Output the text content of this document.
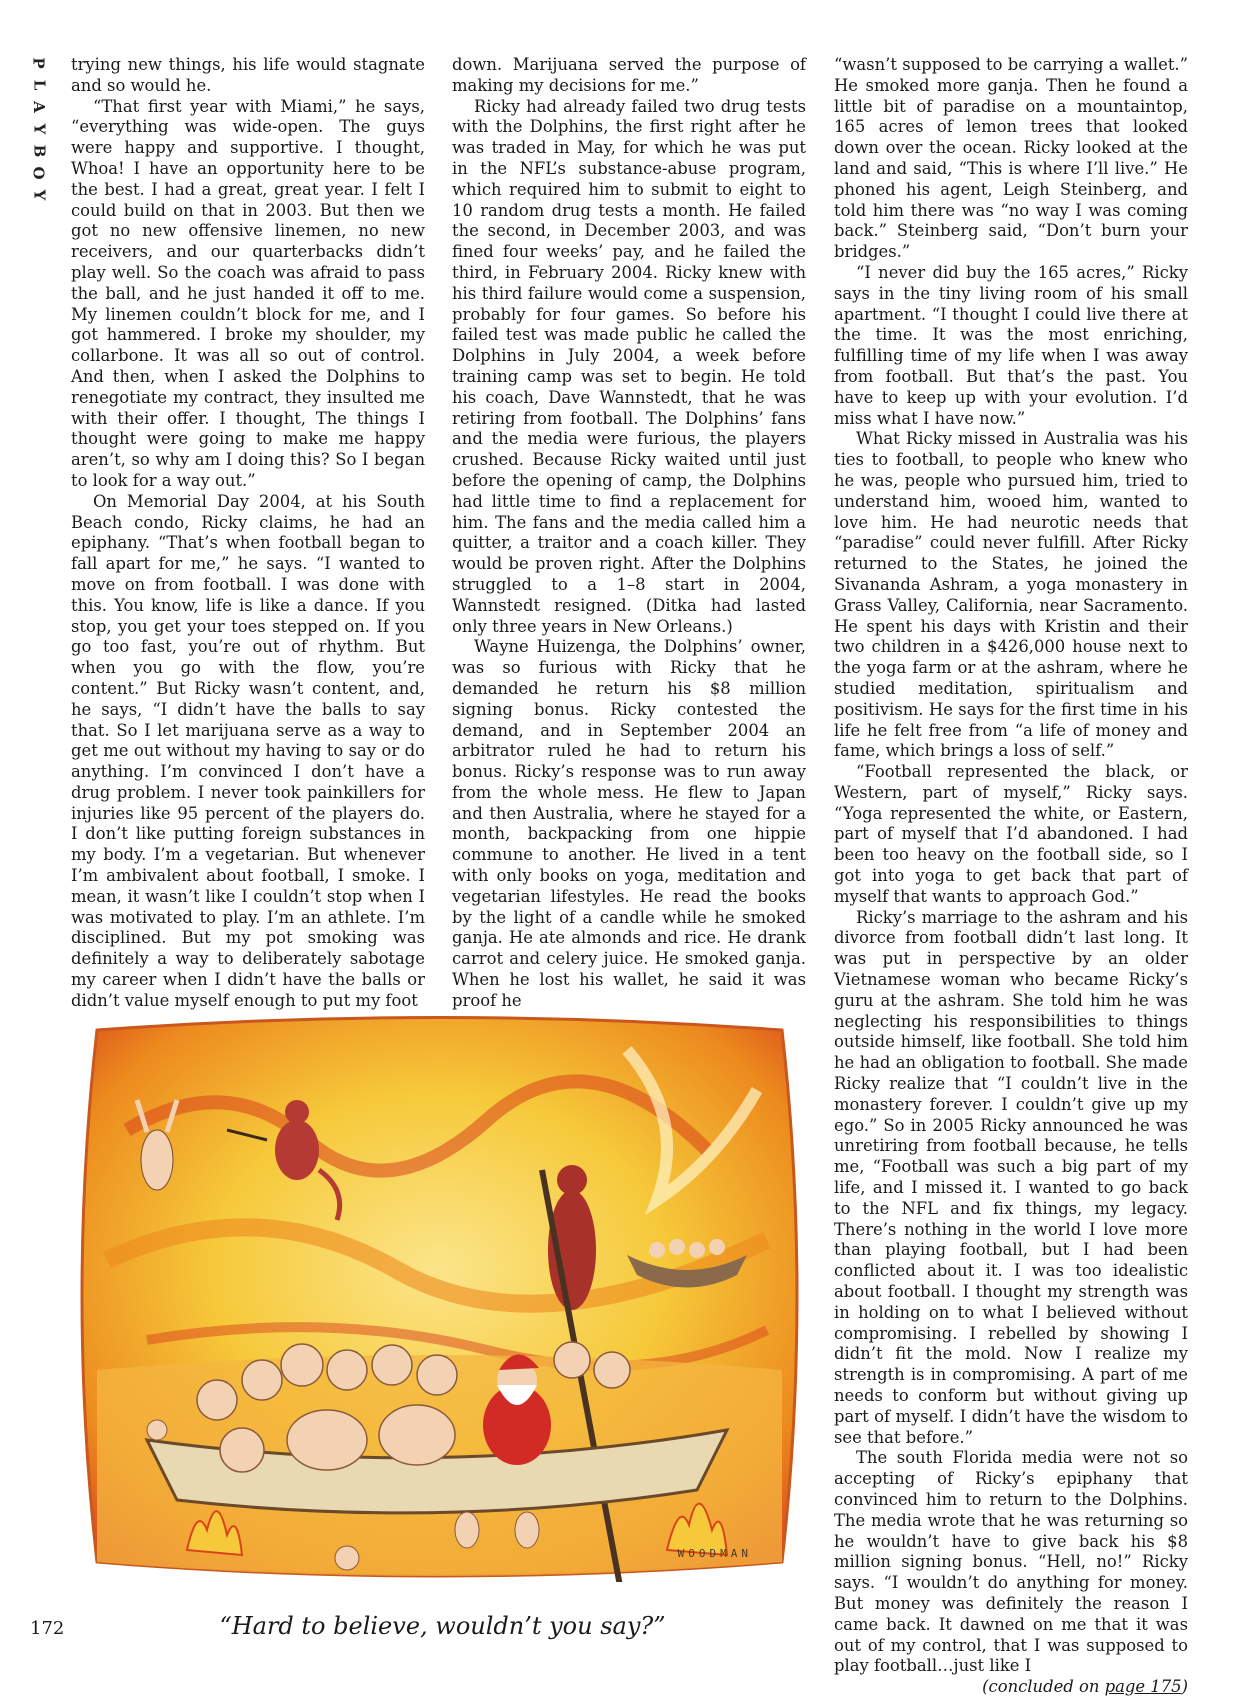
P
L
A
Y
B
O
Y

trying new things, his life would stagnate and so would he.

“That first year with Miami,” he says, “everything was wide-open. The guys were happy and supportive. I thought, Whoa! I have an opportunity here to be the best. I had a great, great year. I felt I could build on that in 2003. But then we got no new offensive linemen, no new receivers, and our quarterbacks didn’t play well. So the coach was afraid to pass the ball, and he just handed it off to me. My linemen couldn’t block for me, and I got hammered. I broke my shoulder, my collarbone. It was all so out of control. And then, when I asked the Dolphins to renegotiate my contract, they insulted me with their offer. I thought, The things I thought were going to make me happy aren’t, so why am I doing this? So I began to look for a way out.”

On Memorial Day 2004, at his South Beach condo, Ricky claims, he had an epiphany. “That’s when football began to fall apart for me,” he says. “I wanted to move on from football. I was done with this. You know, life is like a dance. If you stop, you get your toes stepped on. If you go too fast, you’re out of rhythm. But when you go with the flow, you’re content.” But Ricky wasn’t content, and, he says, “I didn’t have the balls to say that. So I let marijuana serve as a way to get me out without my having to say or do anything. I’m convinced I don’t have a drug problem. I never took painkillers for injuries like 95 percent of the players do. I don’t like putting foreign substances in my body. I’m a vegetarian. But whenever I’m ambivalent about football, I smoke. I mean, it wasn’t like I couldn’t stop when I was motivated to play. I’m an athlete. I’m disciplined. But my pot smoking was definitely a way to deliberately sabotage my career when I didn’t have the balls or didn’t value myself enough to put my foot

down. Marijuana served the purpose of making my decisions for me.”

Ricky had already failed two drug tests with the Dolphins, the first right after he was traded in May, for which he was put in the NFL’s substance-abuse program, which required him to submit to eight to 10 random drug tests a month. He failed the second, in December 2003, and was fined four weeks’ pay, and he failed the third, in February 2004. Ricky knew with his third failure would come a suspension, probably for four games. So before his failed test was made public he called the Dolphins in July 2004, a week before training camp was set to begin. He told his coach, Dave Wannstedt, that he was retiring from football. The Dolphins’ fans and the media were furious, the players crushed. Because Ricky waited until just before the opening of camp, the Dolphins had little time to find a replacement for him. The fans and the media called him a quitter, a traitor and a coach killer. They would be proven right. After the Dolphins struggled to a 1–8 start in 2004, Wannstedt resigned. (Ditka had lasted only three years in New Orleans.)

Wayne Huizenga, the Dolphins’ owner, was so furious with Ricky that he demanded he return his $8 million signing bonus. Ricky contested the demand, and in September 2004 an arbitrator ruled he had to return his bonus. Ricky’s response was to run away from the whole mess. He flew to Japan and then Australia, where he stayed for a month, backpacking from one hippie commune to another. He lived in a tent with only books on yoga, meditation and vegetarian lifestyles. He read the books by the light of a candle while he smoked ganja. He ate almonds and rice. He drank carrot and celery juice. He smoked ganja. When he lost his wallet, he said it was proof he

“wasn’t supposed to be carrying a wallet.” He smoked more ganja. Then he found a little bit of paradise on a mountaintop, 165 acres of lemon trees that looked down over the ocean. Ricky looked at the land and said, “This is where I’ll live.” He phoned his agent, Leigh Steinberg, and told him there was “no way I was coming back.” Steinberg said, “Don’t burn your bridges.”

“I never did buy the 165 acres,” Ricky says in the tiny living room of his small apartment. “I thought I could live there at the time. It was the most enriching, fulfilling time of my life when I was away from football. But that’s the past. You have to keep up with your evolution. I’d miss what I have now.”

What Ricky missed in Australia was his ties to football, to people who knew who he was, people who pursued him, tried to understand him, wooed him, wanted to love him. He had neurotic needs that “paradise” could never fulfill. After Ricky returned to the States, he joined the Sivananda Ashram, a yoga monastery in Grass Valley, California, near Sacramento. He spent his days with Kristin and their two children in a $426,000 house next to the yoga farm or at the ashram, where he studied meditation, spiritualism and positivism. He says for the first time in his life he felt free from “a life of money and fame, which brings a loss of self.”

“Football represented the black, or Western, part of myself,” Ricky says. “Yoga represented the white, or Eastern, part of myself that I’d abandoned. I had been too heavy on the football side, so I got into yoga to get back that part of myself that wants to approach God.”

Ricky’s marriage to the ashram and his divorce from football didn’t last long. It was put in perspective by an older Vietnamese woman who became Ricky’s guru at the ashram. She told him he was neglecting his responsibilities to things outside himself, like football. She told him he had an obligation to football. She made Ricky realize that “I couldn’t live in the monastery forever. I couldn’t give up my ego.” So in 2005 Ricky announced he was unretiring from football because, he tells me, “Football was such a big part of my life, and I missed it. I wanted to go back to the NFL and fix things, my legacy. There’s nothing in the world I love more than playing football, but I had been conflicted about it. I was too idealistic about football. I thought my strength was in holding on to what I believed without compromising. I rebelled by showing I didn’t fit the mold. Now I realize my strength is in compromising. A part of me needs to conform but without giving up part of myself. I didn’t have the wisdom to see that before.”

The south Florida media were not so accepting of Ricky’s epiphany that convinced him to return to the Dolphins. The media wrote that he was returning so he wouldn’t have to give back his $8 million signing bonus. “Hell, no!” Ricky says. “I wouldn’t do anything for money. But money was definitely the reason I came back. It dawned on me that it was out of my control, that I was supposed to play football…just like I

(concluded on page 175)

WOODMAN
172	“Hard to believe, wouldn’t you say?”
